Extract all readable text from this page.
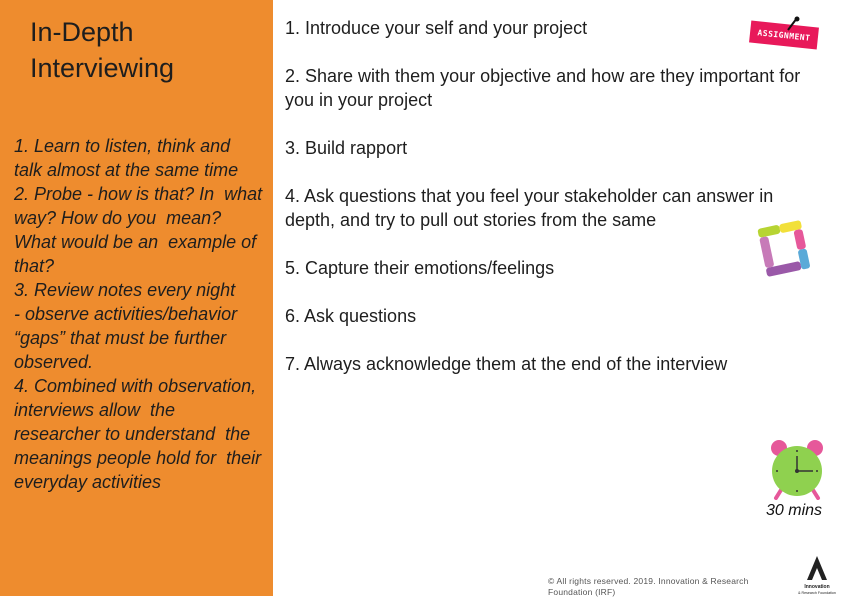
In-Depth Interviewing
1. Learn to listen, think and  talk almost at the same time
2. Probe - how is that? In  what way? How do you  mean? What would be an  example of that?
3. Review notes every night
- observe activities/behavior  “gaps” that must be further observed.
4. Combined with observation, interviews allow  the researcher to understand  the meanings people hold for  their everyday activities
1. Introduce your self and your project
2. Share with them your objective and how are they important for you in your project
3. Build rapport
4. Ask questions that you feel your stakeholder can answer in depth, and try to pull out stories from the same
5. Capture their emotions/feelings
6. Ask questions
7. Always acknowledge them at the end of the interview
ASSIGNMENT
30 mins
© All rights reserved. 2019. Innovation & Research Foundation (IRF)	Innovation
& Research Foundation
